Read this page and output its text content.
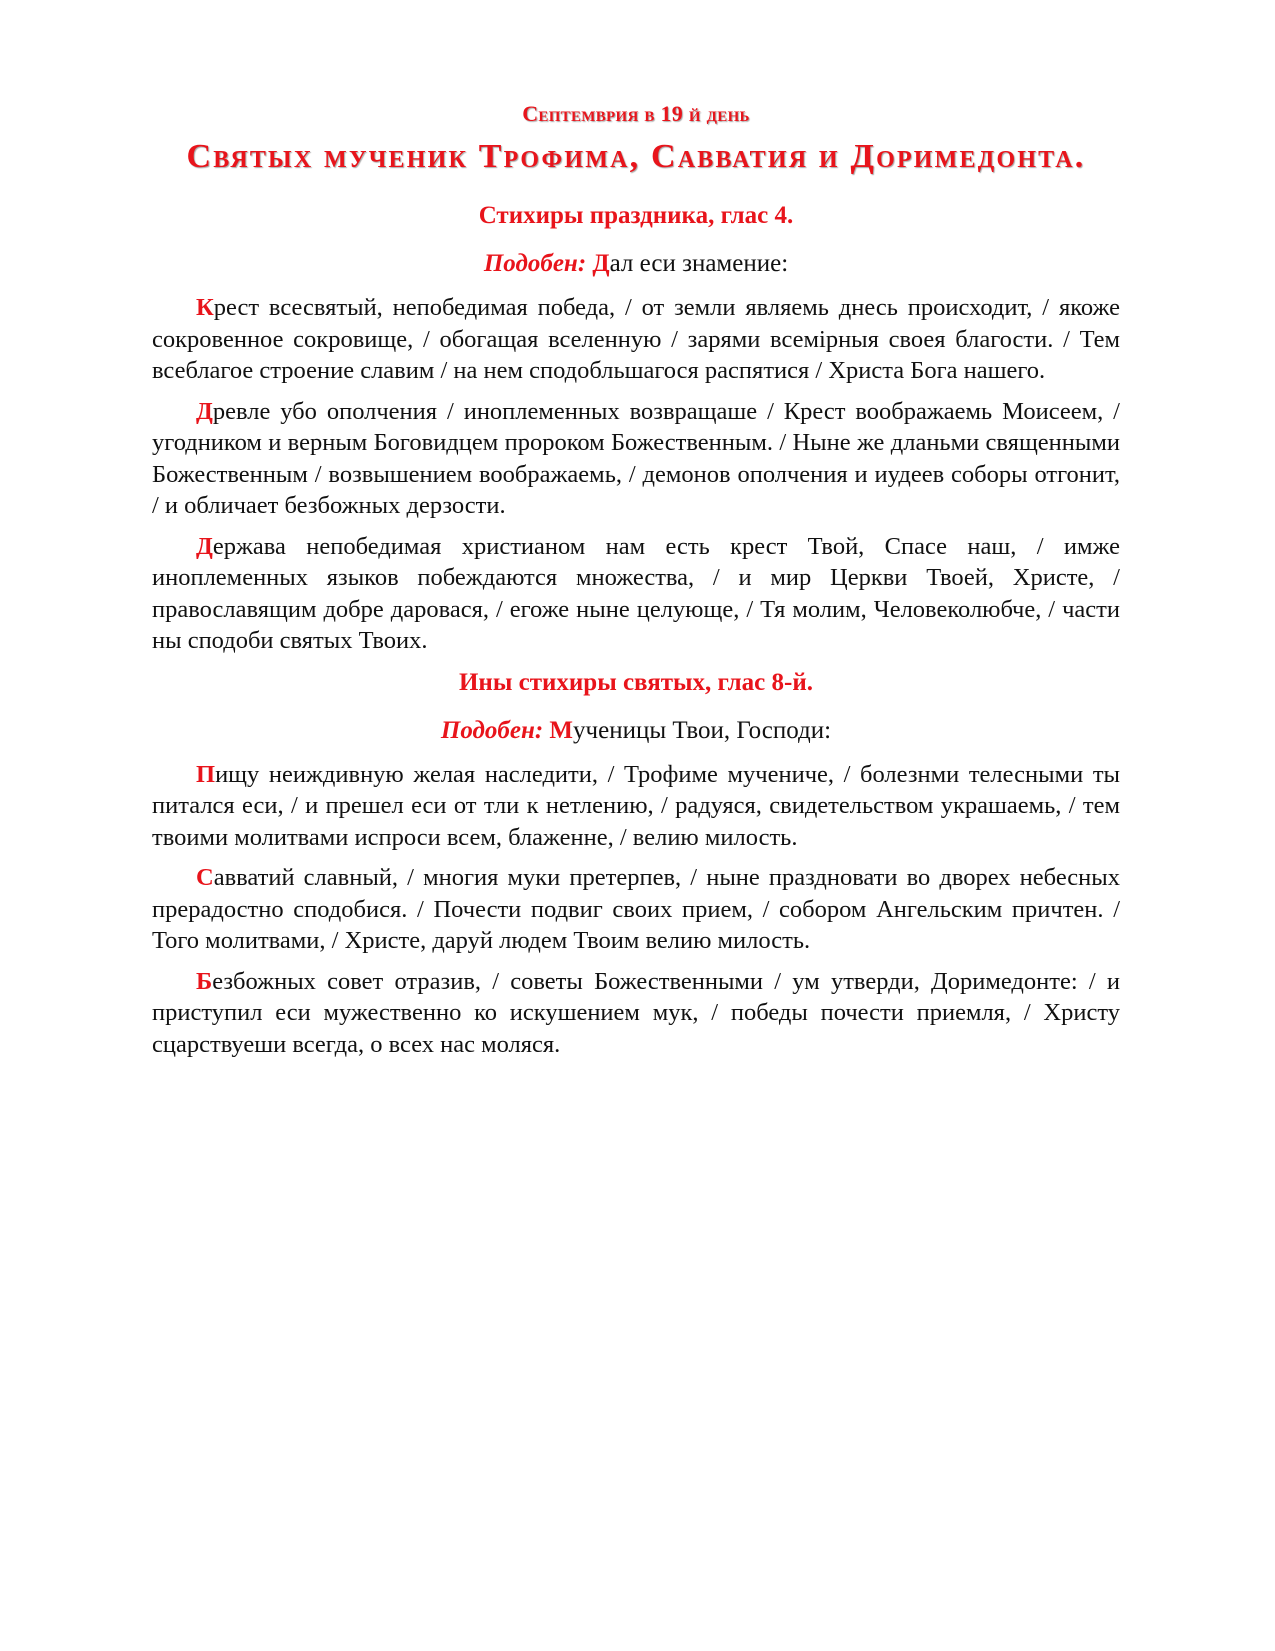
Септемврия в 19 й день
Святых мученик Трофима, Савватия и Доримедонта.
Стихиры праздника, глас 4.

Подобен: Дал еси знамение:

Крест всесвятый, непобедимая победа, / от земли являемь днесь происходит, / якоже сокровенное сокровище, / обогащая вселенную / зарями всемiрныя своея благости. / Тем всеблагое строение славим / на нем сподобльшагося распятися / Христа Бога нашего.

Древле убо ополчения / иноплеменных возвращаше / Крест воображаемь Моисеем, / угодником и верным Боговидцем пророком Божественным. / Ныне же дланьми священными Божественным / возвышением воображаемь, / демонов ополчения и иудеев соборы отгонит, / и обличает безбожных дерзости.

Держава непобедимая христианом нам есть крест Твой, Спасе наш, / имже иноплеменных языков побеждаются множества, / и мир Церкви Твоей, Христе, / православящим добре даровася, / егоже ныне целующе, / Тя молим, Человеколюбче, / части ны сподоби святых Твоих.

Ины стихиры святых, глас 8-й.

Подобен: Мученицы Твои, Господи:

Пищу неиждивную желая наследити, / Трофиме мучениче, / болезнми телесными ты питался еси, / и прешел еси от тли к нетлению, / радуяся, свидетельством украшаемь, / тем твоими молитвами испроси всем, блаженне, / велию милость.

Савватий славный, / многия муки претерпев, / ныне праздновати во дворех небесных прерадостно сподобися. / Почести подвиг своих прием, / собором Ангельским причтен. / Того молитвами, / Христе, даруй людем Твоим велию милость.

Безбожных совет отразив, / советы Божественными / ум утверди, Доримедонте: / и приступил еси мужественно ко искушением мук, / победы почести приемля, / Христу сцарствуеши всегда, о всех нас моляся.
